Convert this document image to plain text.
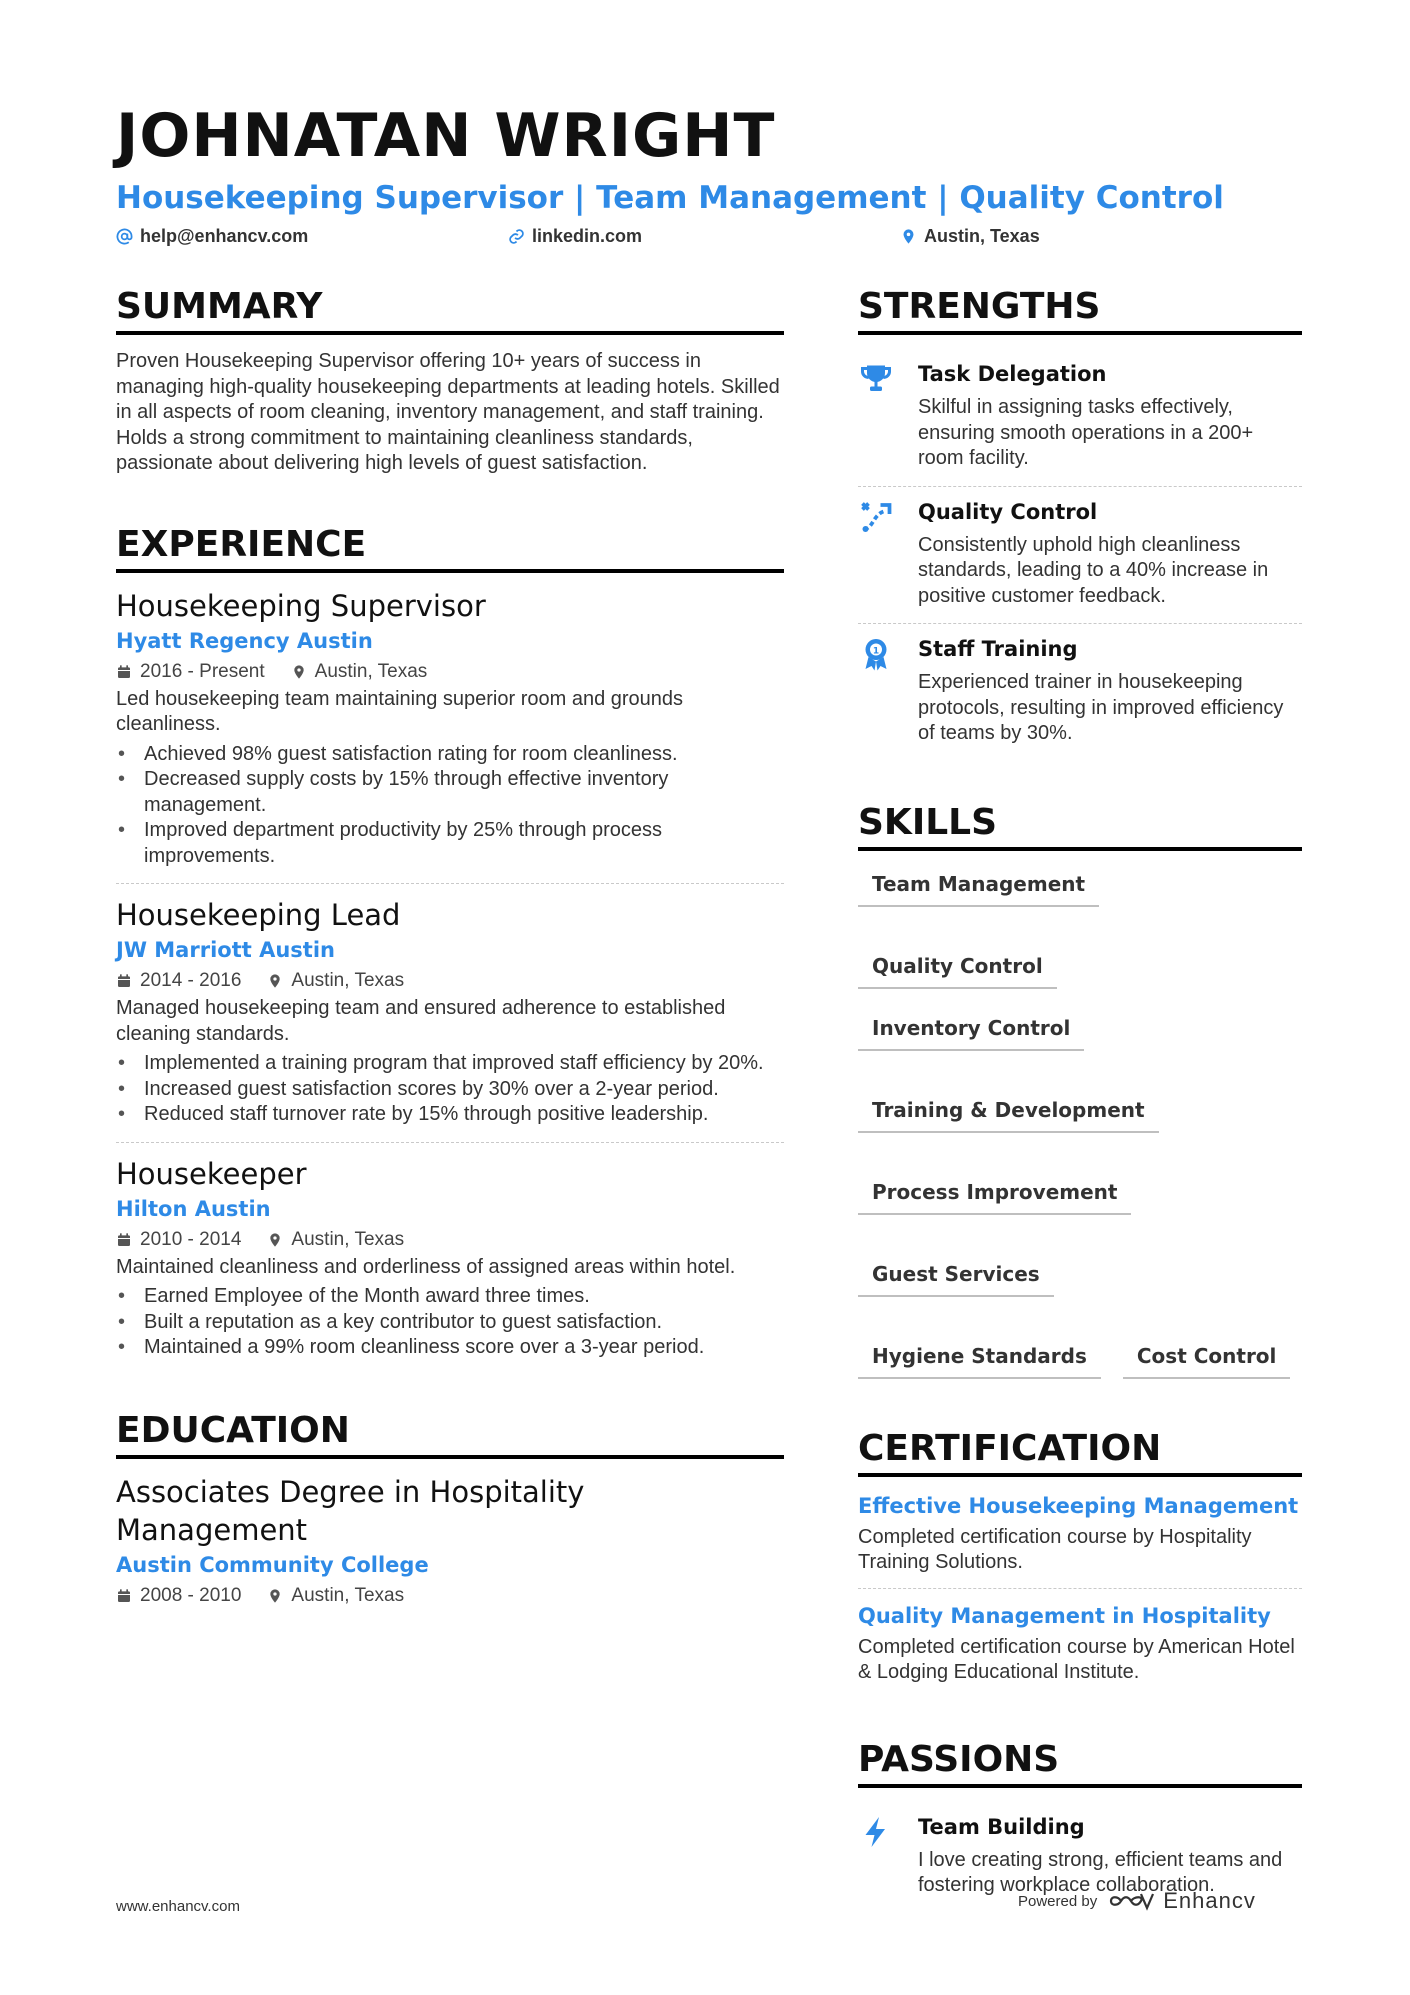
JOHNATAN WRIGHT
Housekeeping Supervisor | Team Management | Quality Control
help@enhancv.com	linkedin.com	Austin, Texas
SUMMARY
Proven Housekeeping Supervisor offering 10+ years of success in managing high-quality housekeeping departments at leading hotels. Skilled in all aspects of room cleaning, inventory management, and staff training. Holds a strong commitment to maintaining cleanliness standards, passionate about delivering high levels of guest satisfaction.
EXPERIENCE
Housekeeping Supervisor
Hyatt Regency Austin
2016 - Present	Austin, Texas
Led housekeeping team maintaining superior room and grounds cleanliness.
• Achieved 98% guest satisfaction rating for room cleanliness.
• Decreased supply costs by 15% through effective inventory management.
• Improved department productivity by 25% through process improvements.
Housekeeping Lead
JW Marriott Austin
2014 - 2016	Austin, Texas
Managed housekeeping team and ensured adherence to established cleaning standards.
• Implemented a training program that improved staff efficiency by 20%.
• Increased guest satisfaction scores by 30% over a 2-year period.
• Reduced staff turnover rate by 15% through positive leadership.
Housekeeper
Hilton Austin
2010 - 2014	Austin, Texas
Maintained cleanliness and orderliness of assigned areas within hotel.
• Earned Employee of the Month award three times.
• Built a reputation as a key contributor to guest satisfaction.
• Maintained a 99% room cleanliness score over a 3-year period.
EDUCATION
Associates Degree in Hospitality Management
Austin Community College
2008 - 2010	Austin, Texas
STRENGTHS
Task Delegation
Skilful in assigning tasks effectively, ensuring smooth operations in a 200+ room facility.
Quality Control
Consistently uphold high cleanliness standards, leading to a 40% increase in positive customer feedback.
1 Staff Training
Experienced trainer in housekeeping protocols, resulting in improved efficiency of teams by 30%.
SKILLS
Team Management
Quality Control
Inventory Control
Training & Development
Process Improvement
Guest Services
Hygiene Standards	Cost Control
CERTIFICATION
Effective Housekeeping Management
Completed certification course by Hospitality Training Solutions.
Quality Management in Hospitality
Completed certification course by American Hotel & Lodging Educational Institute.
PASSIONS
Team Building
I love creating strong, efficient teams and fostering workplace collaboration.
www.enhancv.com	Powered by	Enhancv
